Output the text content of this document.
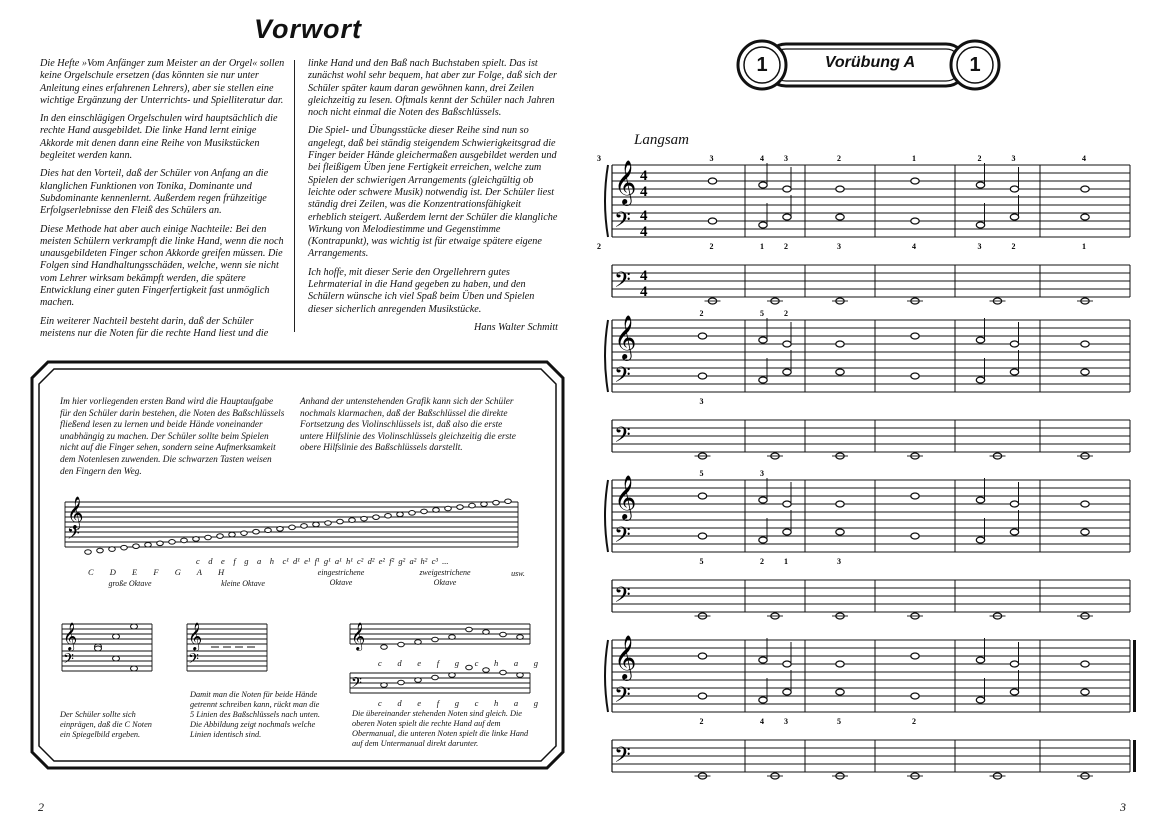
Vorwort

Die Hefte »Vom Anfänger zum Meister an der Orgel« sollen keine Orgelschule ersetzen (das könnten sie nur unter Anleitung eines erfahrenen Lehrers), aber sie stellen eine wichtige Ergänzung der Unterrichts- und Spielliteratur dar.

In den einschlägigen Orgelschulen wird hauptsächlich die rechte Hand ausgebildet. Die linke Hand lernt einige Akkorde mit denen dann eine Reihe von Musikstücken begleitet werden kann.

Dies hat den Vorteil, daß der Schüler von Anfang an die klanglichen Funktionen von Tonika, Dominante und Subdominante kennenlernt. Außerdem regen frühzeitige Erfolgserlebnisse den Fleiß des Schülers an.

Diese Methode hat aber auch einige Nachteile: Bei den meisten Schülern verkrampft die linke Hand, wenn die noch unausgebildeten Finger schon Akkorde greifen müssen. Die Folgen sind Handhaltungsschäden, welche, wenn sie nicht vom Lehrer wirksam bekämpft werden, die spätere Entwicklung einer guten Fingerfertigkeit fast unmöglich machen.

Ein weiterer Nachteil besteht darin, daß der Schüler meistens nur die Noten für die rechte Hand liest und die

linke Hand und den Baß nach Buchstaben spielt. Das ist zunächst wohl sehr bequem, hat aber zur Folge, daß sich der Schüler später kaum daran gewöhnen kann, drei Zeilen gleichzeitig zu lesen. Oftmals kennt der Schüler nach Jahren noch nicht einmal die Noten des Baßschlüssels.

Die Spiel- und Übungsstücke dieser Reihe sind nun so angelegt, daß bei ständig steigendem Schwierigkeitsgrad die Finger beider Hände gleichermaßen ausgebildet werden und bei fleißigem Üben jene Fertigkeit erreichen, welche zum Spielen der schwierigen Arrangements (gleichgültig ob leichte oder schwere Musik) notwendig ist. Der Schüler liest ständig drei Zeilen, was die Konzentrationsfähigkeit erheblich steigert. Außerdem lernt der Schüler die klangliche Wirkung von Melodiestimme und Gegenstimme (Kontrapunkt), was wichtig ist für etwaige spätere eigene Arrangements.

Ich hoffe, mit dieser Serie den Orgellehrern gutes Lehrmaterial in die Hand gegeben zu haben, und den Schülern wünsche ich viel Spaß beim Üben und Spielen dieser sicherlich anregenden Musikstücke.

Hans Walter Schmitt

Im hier vorliegenden ersten Band wird die Hauptaufgabe für den Schüler darin bestehen, die Noten des Baßschlüssels fließend lesen zu lernen und beide Hände voneinander unabhängig zu machen. Der Schüler sollte beim Spielen nicht auf die Finger sehen, sondern seine Aufmerksamkeit dem Notenlesen zuwenden. Die schwarzen Tasten weisen den Fingern den Weg.
Anhand der untenstehenden Grafik kann sich der Schüler nochmals klarmachen, daß der Baßschlüssel die direkte Fortsetzung des Violinschlüssels ist, daß also die erste untere Hilfslinie des Violinschlüssels gleichzeitig die erste obere Hilfslinie des Baßschlüssels darstellt.
𝄞
𝄢
c d e f g a h c¹ d¹ e¹ f¹ g¹ a¹ h¹ c² d² e² f² g² a² h² c³ ...
C D E F G A H
große Oktave	kleine Oktave
eingestrichene Oktave
zweigestrichene Oktave
usw.
𝄞
𝄢
Der Schüler sollte sich einprägen, daß die C Noten ein Spiegelbild ergeben.
𝄞
𝄢
Damit man die Noten für beide Hände getrennt schreiben kann, rückt man die 5 Linien des Baßschlüssels nach unten. Die Abbildung zeigt nochmals welche Linien identisch sind.
𝄞
𝄢
c d e f g c h a g
c d e f g c h a g
Die übereinander stehenden Noten sind gleich. Die oberen Noten spielt die rechte Hand auf dem Obermanual, die unteren Noten spielt die linke Hand auf dem Untermanual direkt darunter.
2
1	1
Vorübung A
Langsam
𝄞
𝄢
𝄢
4
4
4
4
4
4
3	4	3	2	1	2	3	4
3
2	1	2	3	4	3	2	1
2
𝄞
𝄢
𝄢
2	5	2
3
𝄞
𝄢
𝄢
5	3
5	2	1	3
𝄞
𝄢
𝄢
2	4	3	5	2
3
